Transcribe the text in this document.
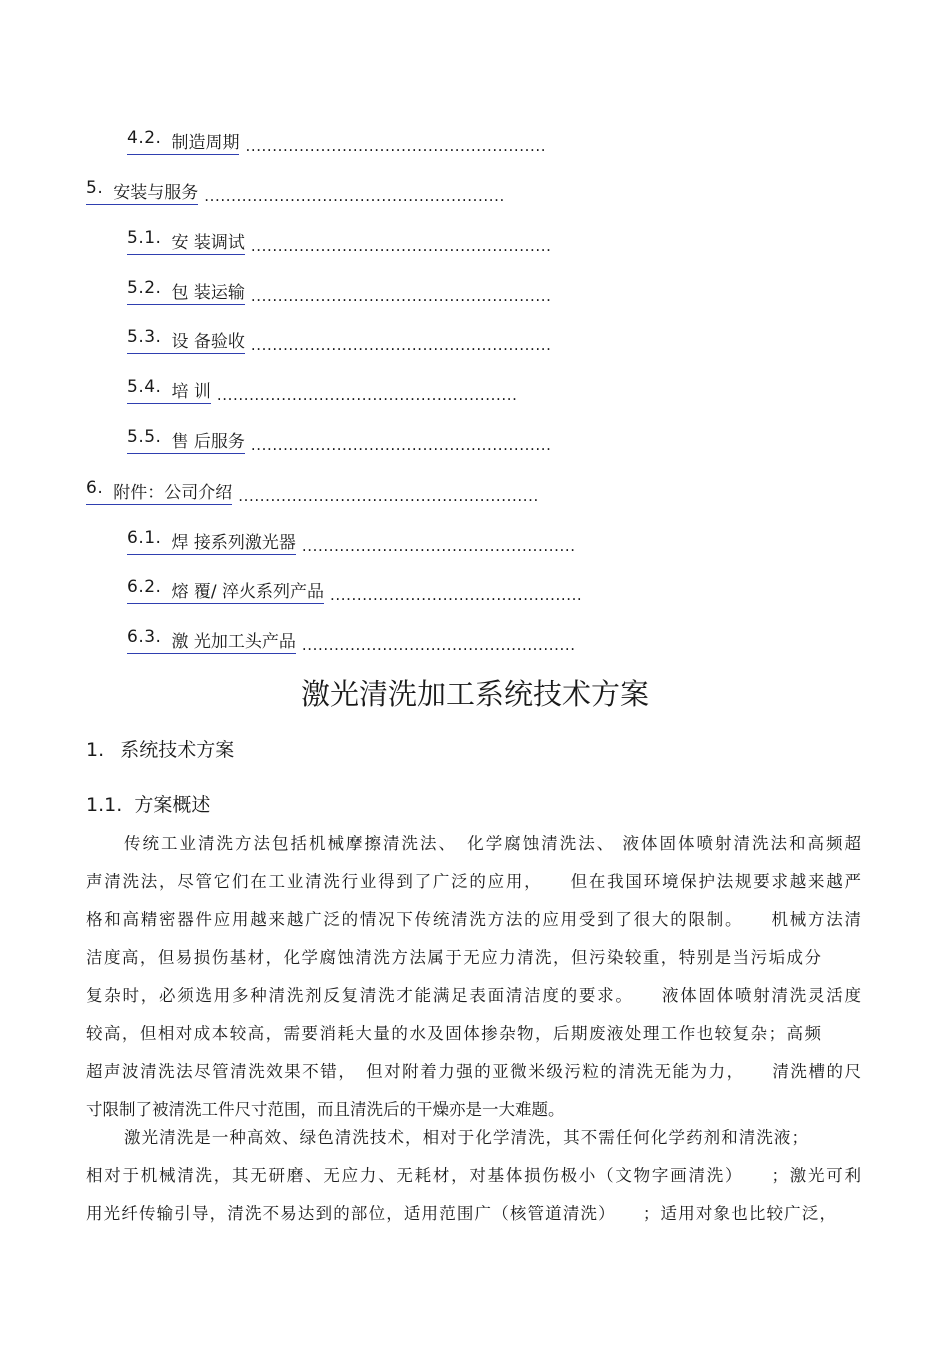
4.2. 制造周期 ........................................................
5. 安装与服务 ........................................................
5.1. 安 装调试 ........................................................
5.2. 包 装运输 ........................................................
5.3. 设 备验收 ........................................................
5.4. 培 训 ........................................................
5.5. 售 后服务 ........................................................
6. 附件：公司介绍 ........................................................
6.1. 焊 接系列激光器 ...................................................
6.2. 熔 覆/ 淬火系列产品 ...............................................
6.3. 激 光加工头产品 ...................................................
激光清洗加工系统技术方案
1. 系统技术方案
1.1. 方案概述
传统工业清洗方法包括机械摩擦清洗法、　化学腐蚀清洗法、 液体固体喷射清洗法和高频超
声清洗法，尽管它们在工业清洗行业得到了广泛的应用，　　但在我国环境保护法规要求越来越严
格和高精密器件应用越来越广泛的情况下传统清洗方法的应用受到了很大的限制。　　机械方法清
洁度高，但易损伤基材，化学腐蚀清洗方法属于无应力清洗，但污染较重，特别是当污垢成分
复杂时，必须选用多种清洗剂反复清洗才能满足表面清洁度的要求。　　液体固体喷射清洗灵活度
较高，但相对成本较高，需要消耗大量的水及固体掺杂物，后期废液处理工作也较复杂；高频
超声波清洗法尽管清洗效果不错，　但对附着力强的亚微米级污粒的清洗无能为力，　　清洗槽的尺
寸限制了被清洗工件尺寸范围，而且清洗后的干燥亦是一大难题。
激光清洗是一种高效、绿色清洗技术，相对于化学清洗，其不需任何化学药剂和清洗液；
相对于机械清洗，其无研磨、无应力、无耗材，对基体损伤极小（文物字画清洗）　　；激光可利
用光纤传输引导，清洗不易达到的部位，适用范围广（核管道清洗）　　；适用对象也比较广泛，
